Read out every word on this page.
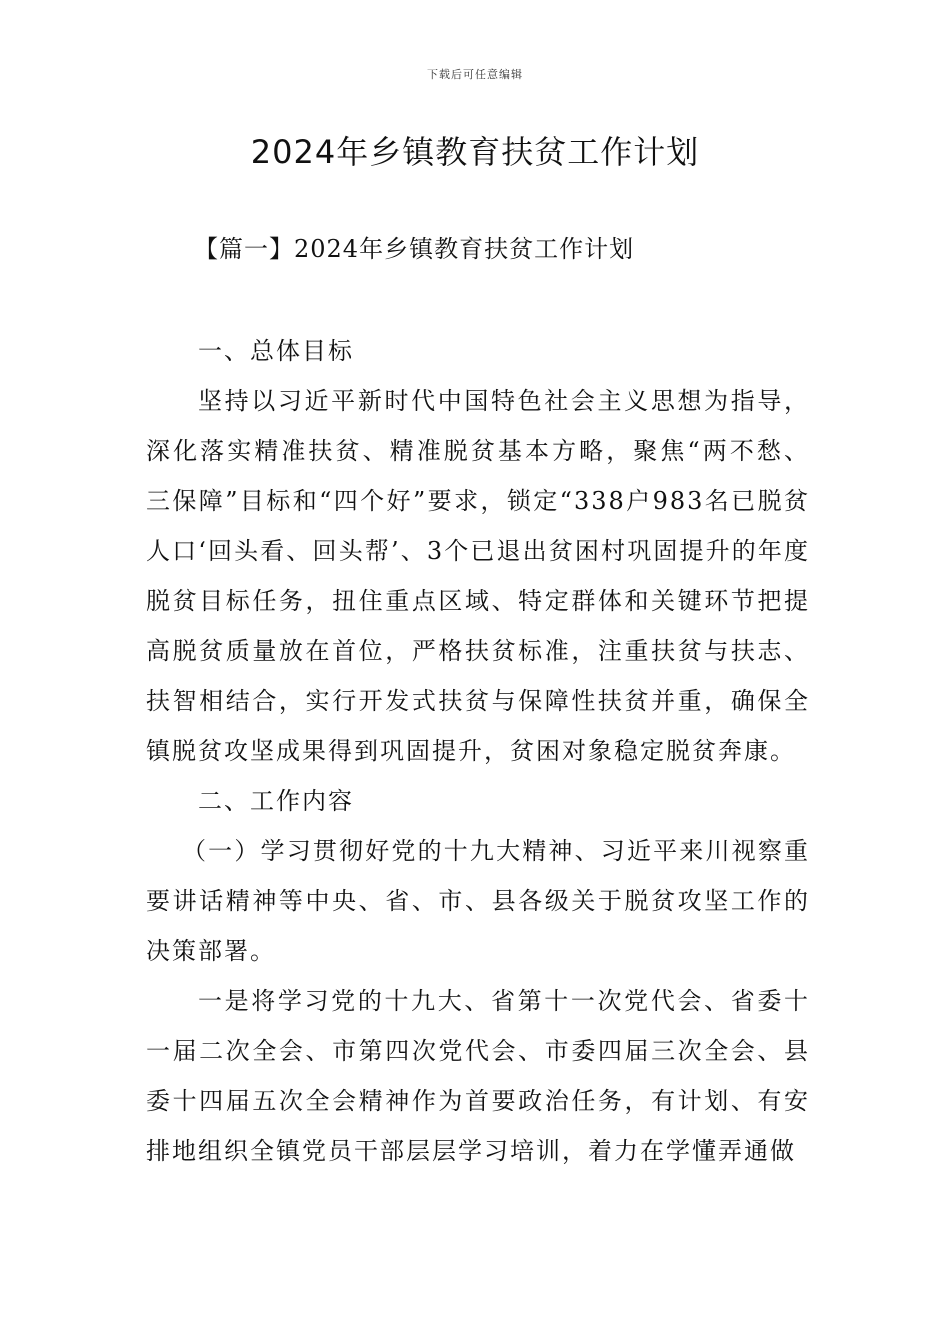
下载后可任意编辑
2024年乡镇教育扶贫工作计划
【篇一】2024年乡镇教育扶贫工作计划

一、总体目标

坚持以习近平新时代中国特色社会主义思想为指导，深化落实精准扶贫、精准脱贫基本方略，聚焦“两不愁、三保障”目标和“四个好”要求，锁定“338户983名已脱贫人口‘回头看、回头帮’、3个已退出贫困村巩固提升的年度脱贫目标任务，扭住重点区域、特定群体和关键环节把提高脱贫质量放在首位，严格扶贫标准，注重扶贫与扶志、扶智相结合，实行开发式扶贫与保障性扶贫并重，确保全镇脱贫攻坚成果得到巩固提升，贫困对象稳定脱贫奔康。

二、工作内容

（一）学习贯彻好党的十九大精神、习近平来川视察重要讲话精神等中央、省、市、县各级关于脱贫攻坚工作的决策部署。

一是将学习党的十九大、省第十一次党代会、省委十一届二次全会、市第四次党代会、市委四届三次全会、县委十四届五次全会精神作为首要政治任务，有计划、有安排地组织全镇党员干部层层学习培训，着力在学懂弄通做
